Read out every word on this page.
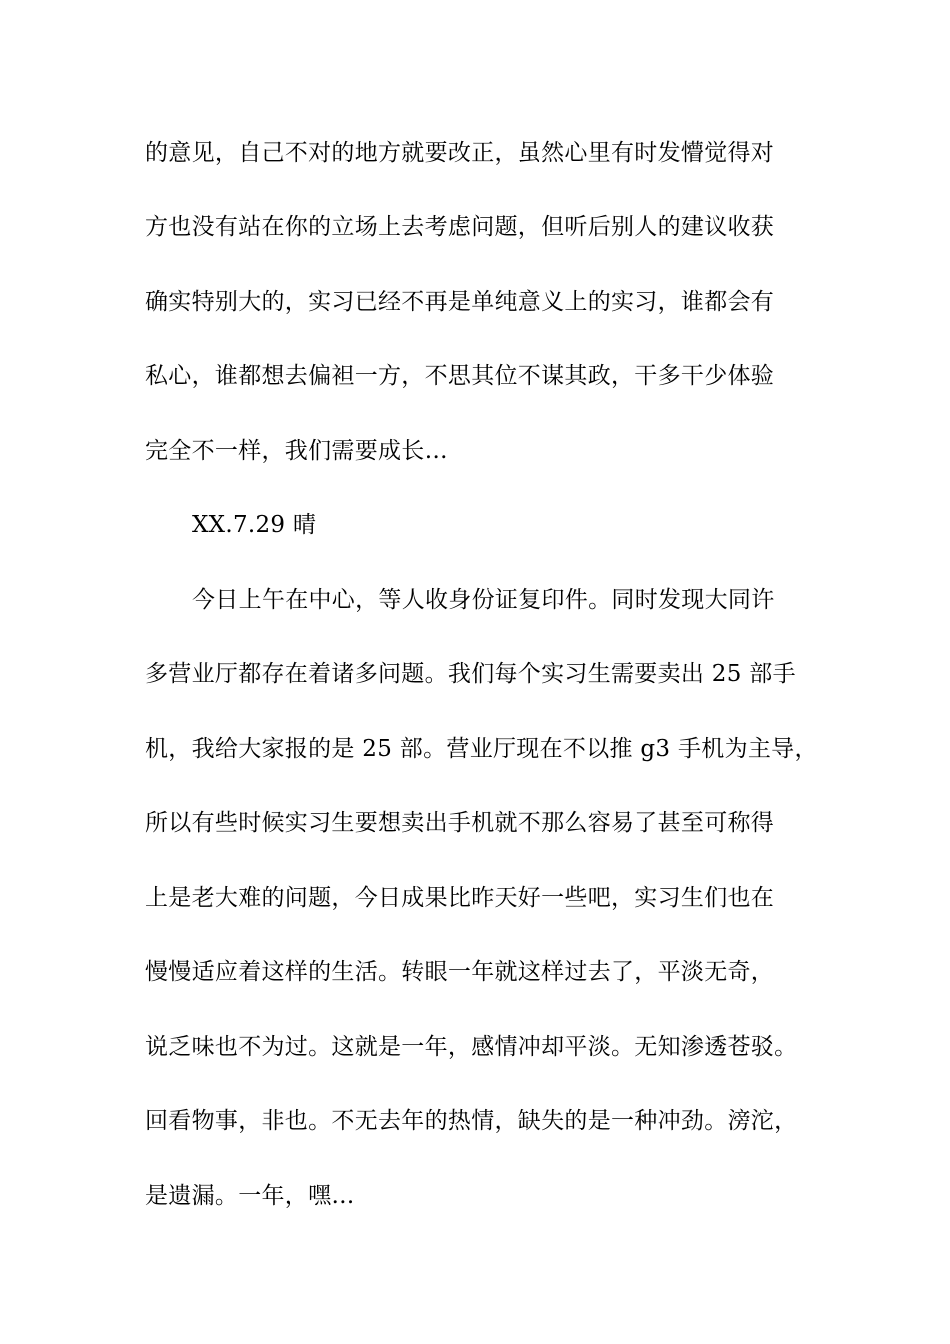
的意见，自己不对的地方就要改正，虽然心里有时发懵觉得对
方也没有站在你的立场上去考虑问题，但听后别人的建议收获
确实特别大的，实习已经不再是单纯意义上的实习，谁都会有
私心，谁都想去偏袒一方，不思其位不谋其政，干多干少体验
完全不一样，我们需要成长…
XX.7.29 晴
今日上午在中心，等人收身份证复印件。同时发现大同许
多营业厅都存在着诸多问题。我们每个实习生需要卖出 25 部手
机，我给大家报的是 25 部。营业厅现在不以推 g3 手机为主导，
所以有些时候实习生要想卖出手机就不那么容易了甚至可称得
上是老大难的问题，今日成果比昨天好一些吧，实习生们也在
慢慢适应着这样的生活。转眼一年就这样过去了，平淡无奇，
说乏味也不为过。这就是一年，感情冲却平淡。无知渗透苍驳。
回看物事，非也。不无去年的热情，缺失的是一种冲劲。滂沱，
是遗漏。一年，嘿…
